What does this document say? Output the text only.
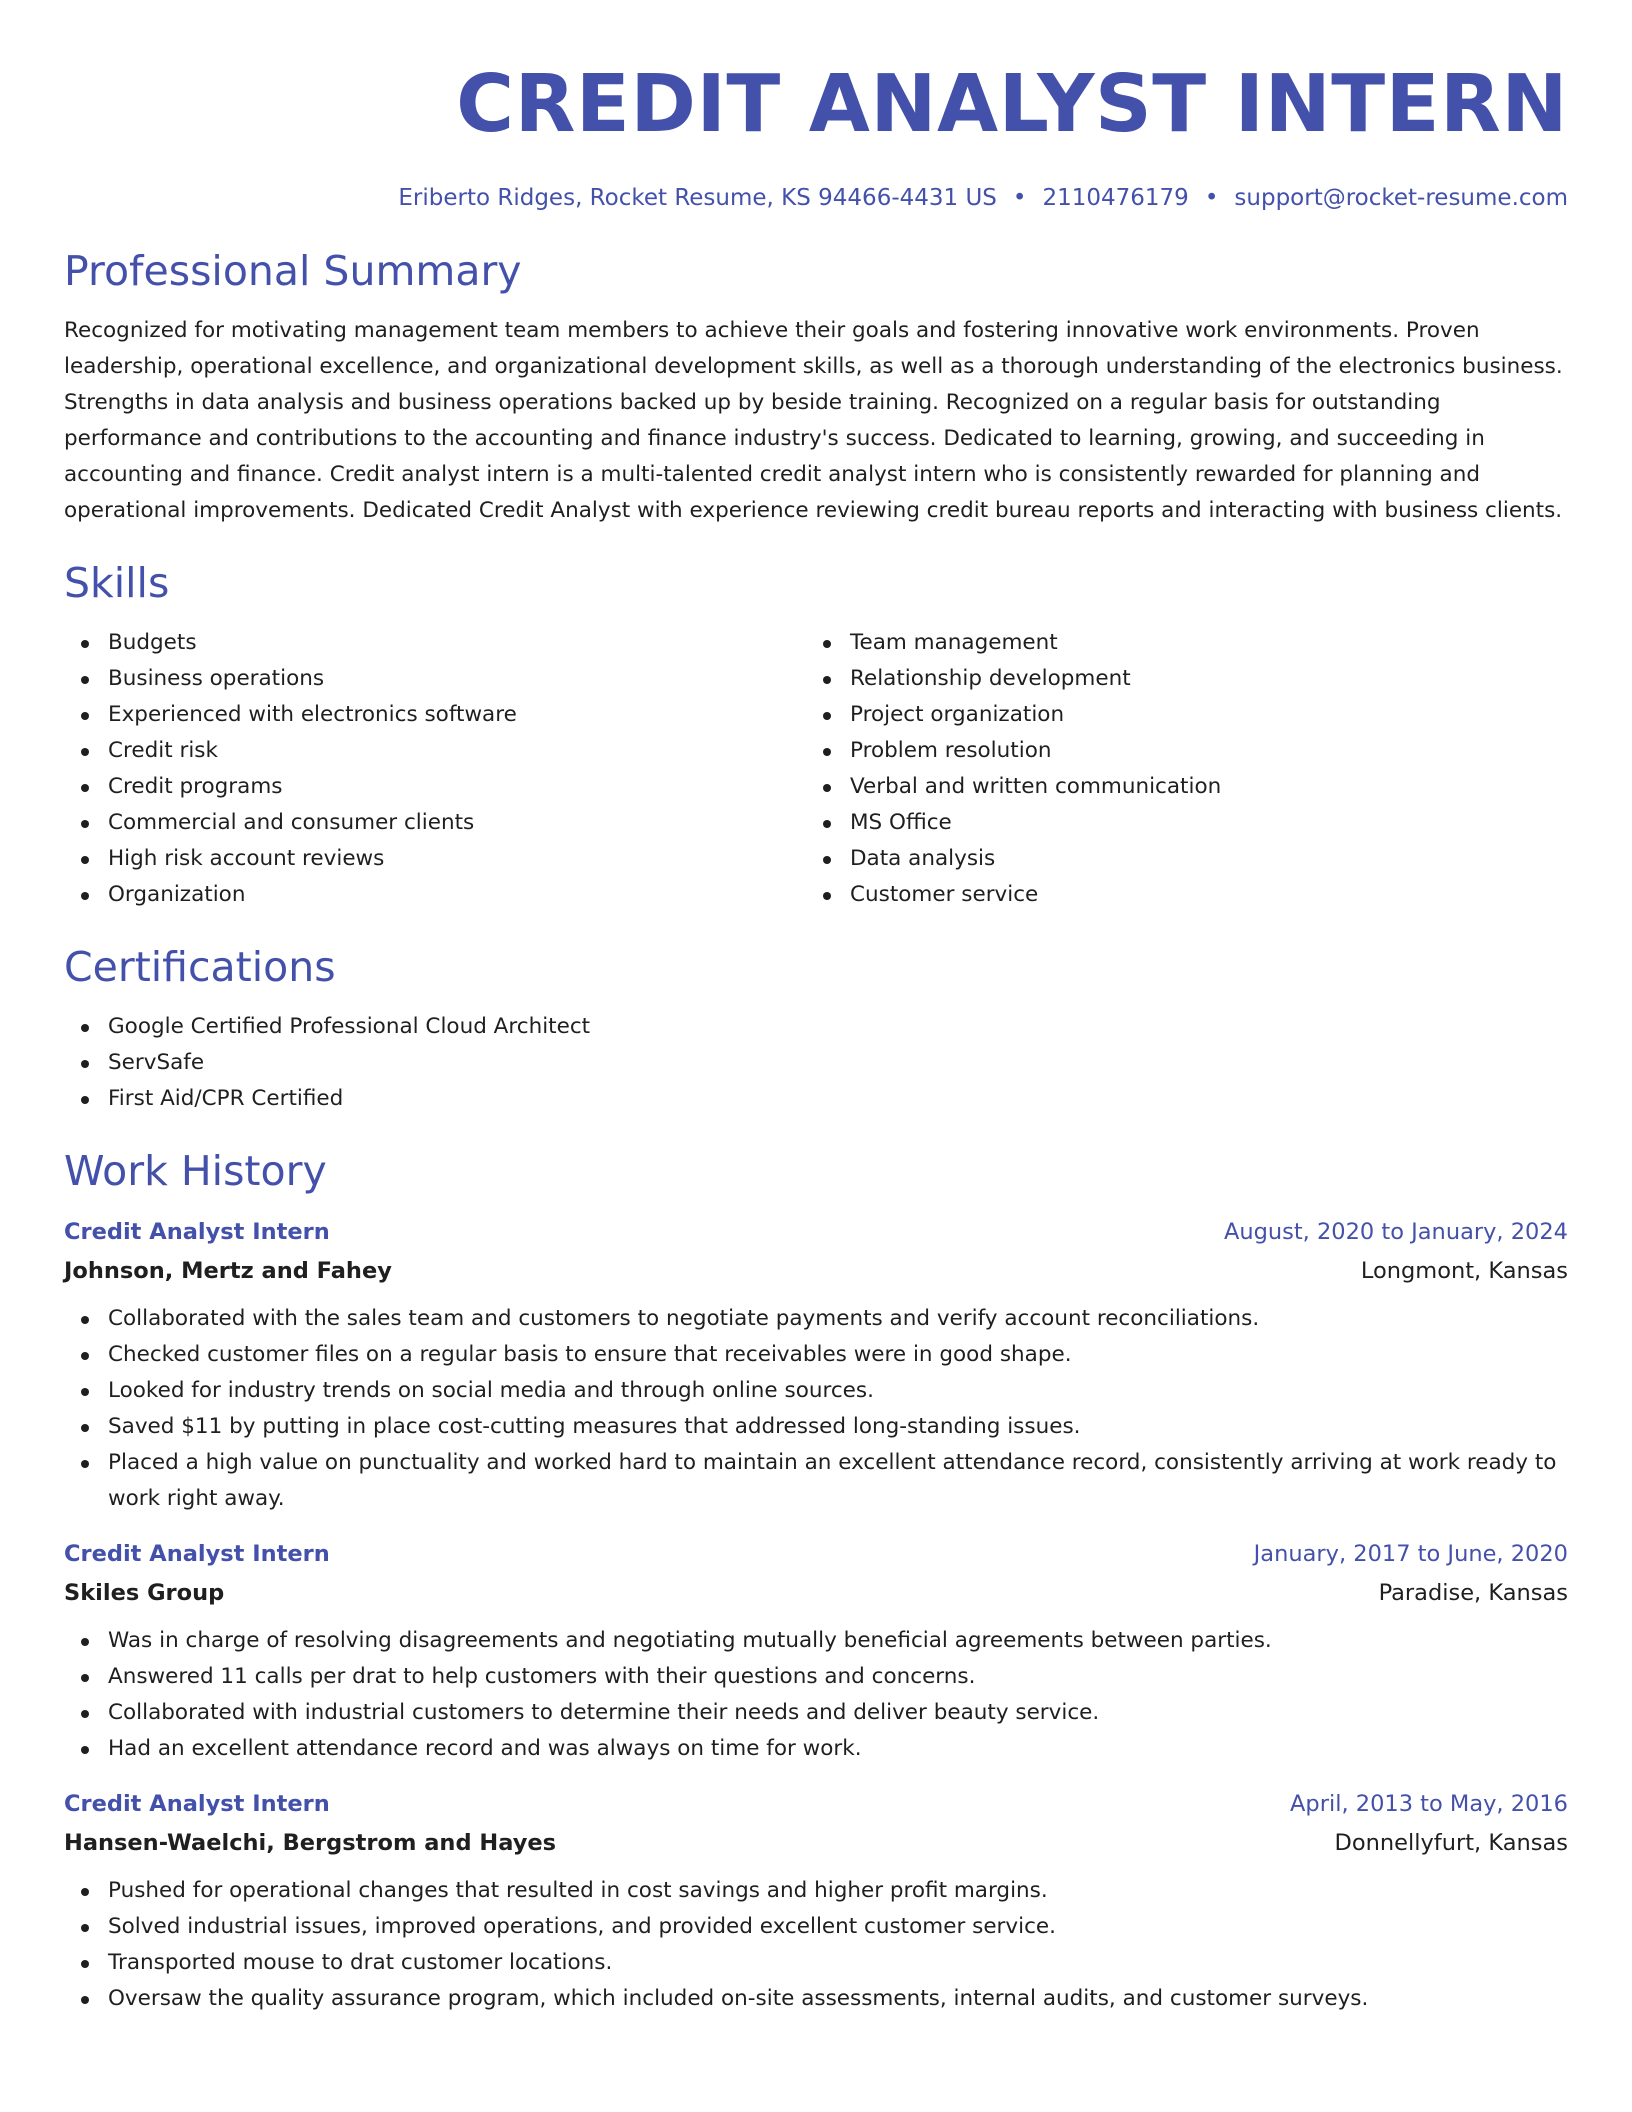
CREDIT ANALYST INTERN
Eriberto Ridges, Rocket Resume, KS 94466-4431 US • 2110476179 • support@rocket-resume.com
Professional Summary
Recognized for motivating management team members to achieve their goals and fostering innovative work environments. Proven leadership, operational excellence, and organizational development skills, as well as a thorough understanding of the electronics business. Strengths in data analysis and business operations backed up by beside training. Recognized on a regular basis for outstanding performance and contributions to the accounting and finance industry's success. Dedicated to learning, growing, and succeeding in accounting and finance. Credit analyst intern is a multi-talented credit analyst intern who is consistently rewarded for planning and operational improvements. Dedicated Credit Analyst with experience reviewing credit bureau reports and interacting with business clients.
Skills
Budgets
Business operations
Experienced with electronics software
Credit risk
Credit programs
Commercial and consumer clients
High risk account reviews
Organization
Team management
Relationship development
Project organization
Problem resolution
Verbal and written communication
MS Office
Data analysis
Customer service
Certifications
Google Certified Professional Cloud Architect
ServSafe
First Aid/CPR Certified
Work History
Credit Analyst Intern	August, 2020 to January, 2024
Johnson, Mertz and Fahey	Longmont, Kansas
Collaborated with the sales team and customers to negotiate payments and verify account reconciliations.
Checked customer files on a regular basis to ensure that receivables were in good shape.
Looked for industry trends on social media and through online sources.
Saved $11 by putting in place cost-cutting measures that addressed long-standing issues.
Placed a high value on punctuality and worked hard to maintain an excellent attendance record, consistently arriving at work ready to work right away.
Credit Analyst Intern	January, 2017 to June, 2020
Skiles Group	Paradise, Kansas
Was in charge of resolving disagreements and negotiating mutually beneficial agreements between parties.
Answered 11 calls per drat to help customers with their questions and concerns.
Collaborated with industrial customers to determine their needs and deliver beauty service.
Had an excellent attendance record and was always on time for work.
Credit Analyst Intern	April, 2013 to May, 2016
Hansen-Waelchi, Bergstrom and Hayes	Donnellyfurt, Kansas
Pushed for operational changes that resulted in cost savings and higher profit margins.
Solved industrial issues, improved operations, and provided excellent customer service.
Transported mouse to drat customer locations.
Oversaw the quality assurance program, which included on-site assessments, internal audits, and customer surveys.
